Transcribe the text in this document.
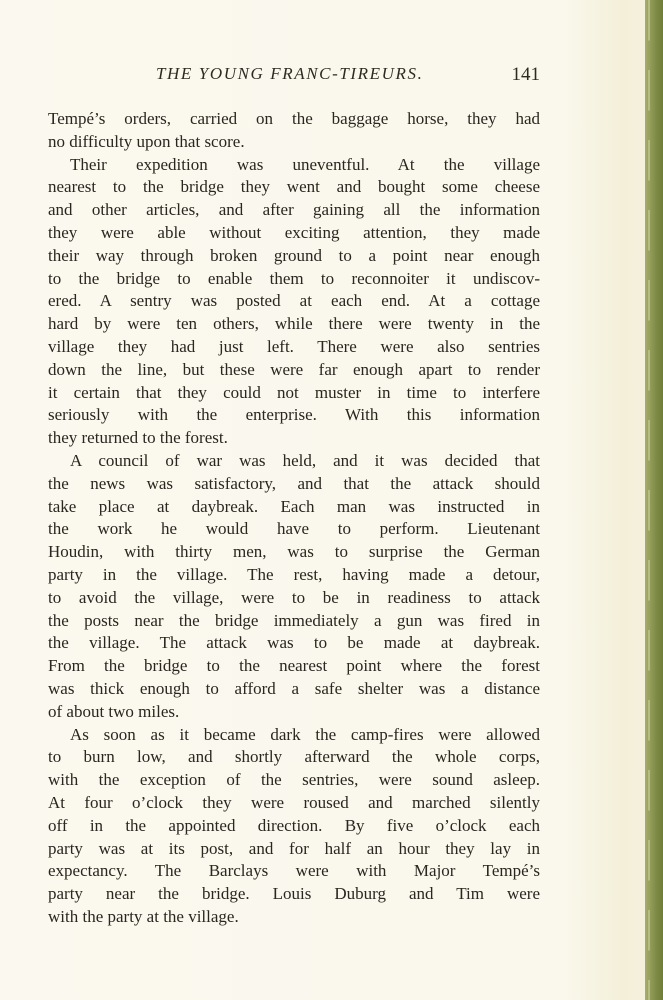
THE YOUNG FRANC-TIREURS.	141
Tempé’s orders, carried on the baggage horse, they had
no difficulty upon that score.
Their expedition was uneventful. At the village
nearest to the bridge they went and bought some cheese
and other articles, and after gaining all the information
they were able without exciting attention, they made
their way through broken ground to a point near enough
to the bridge to enable them to reconnoiter it undiscov-
ered. A sentry was posted at each end. At a cottage
hard by were ten others, while there were twenty in the
village they had just left. There were also sentries
down the line, but these were far enough apart to render
it certain that they could not muster in time to interfere
seriously with the enterprise. With this information
they returned to the forest.
A council of war was held, and it was decided that
the news was satisfactory, and that the attack should
take place at daybreak. Each man was instructed in
the work he would have to perform. Lieutenant
Houdin, with thirty men, was to surprise the German
party in the village. The rest, having made a detour,
to avoid the village, were to be in readiness to attack
the posts near the bridge immediately a gun was fired in
the village. The attack was to be made at daybreak.
From the bridge to the nearest point where the forest
was thick enough to afford a safe shelter was a distance
of about two miles.
As soon as it became dark the camp-fires were allowed
to burn low, and shortly afterward the whole corps,
with the exception of the sentries, were sound asleep.
At four o’clock they were roused and marched silently
off in the appointed direction. By five o’clock each
party was at its post, and for half an hour they lay in
expectancy. The Barclays were with Major Tempé’s
party near the bridge. Louis Duburg and Tim were
with the party at the village.
